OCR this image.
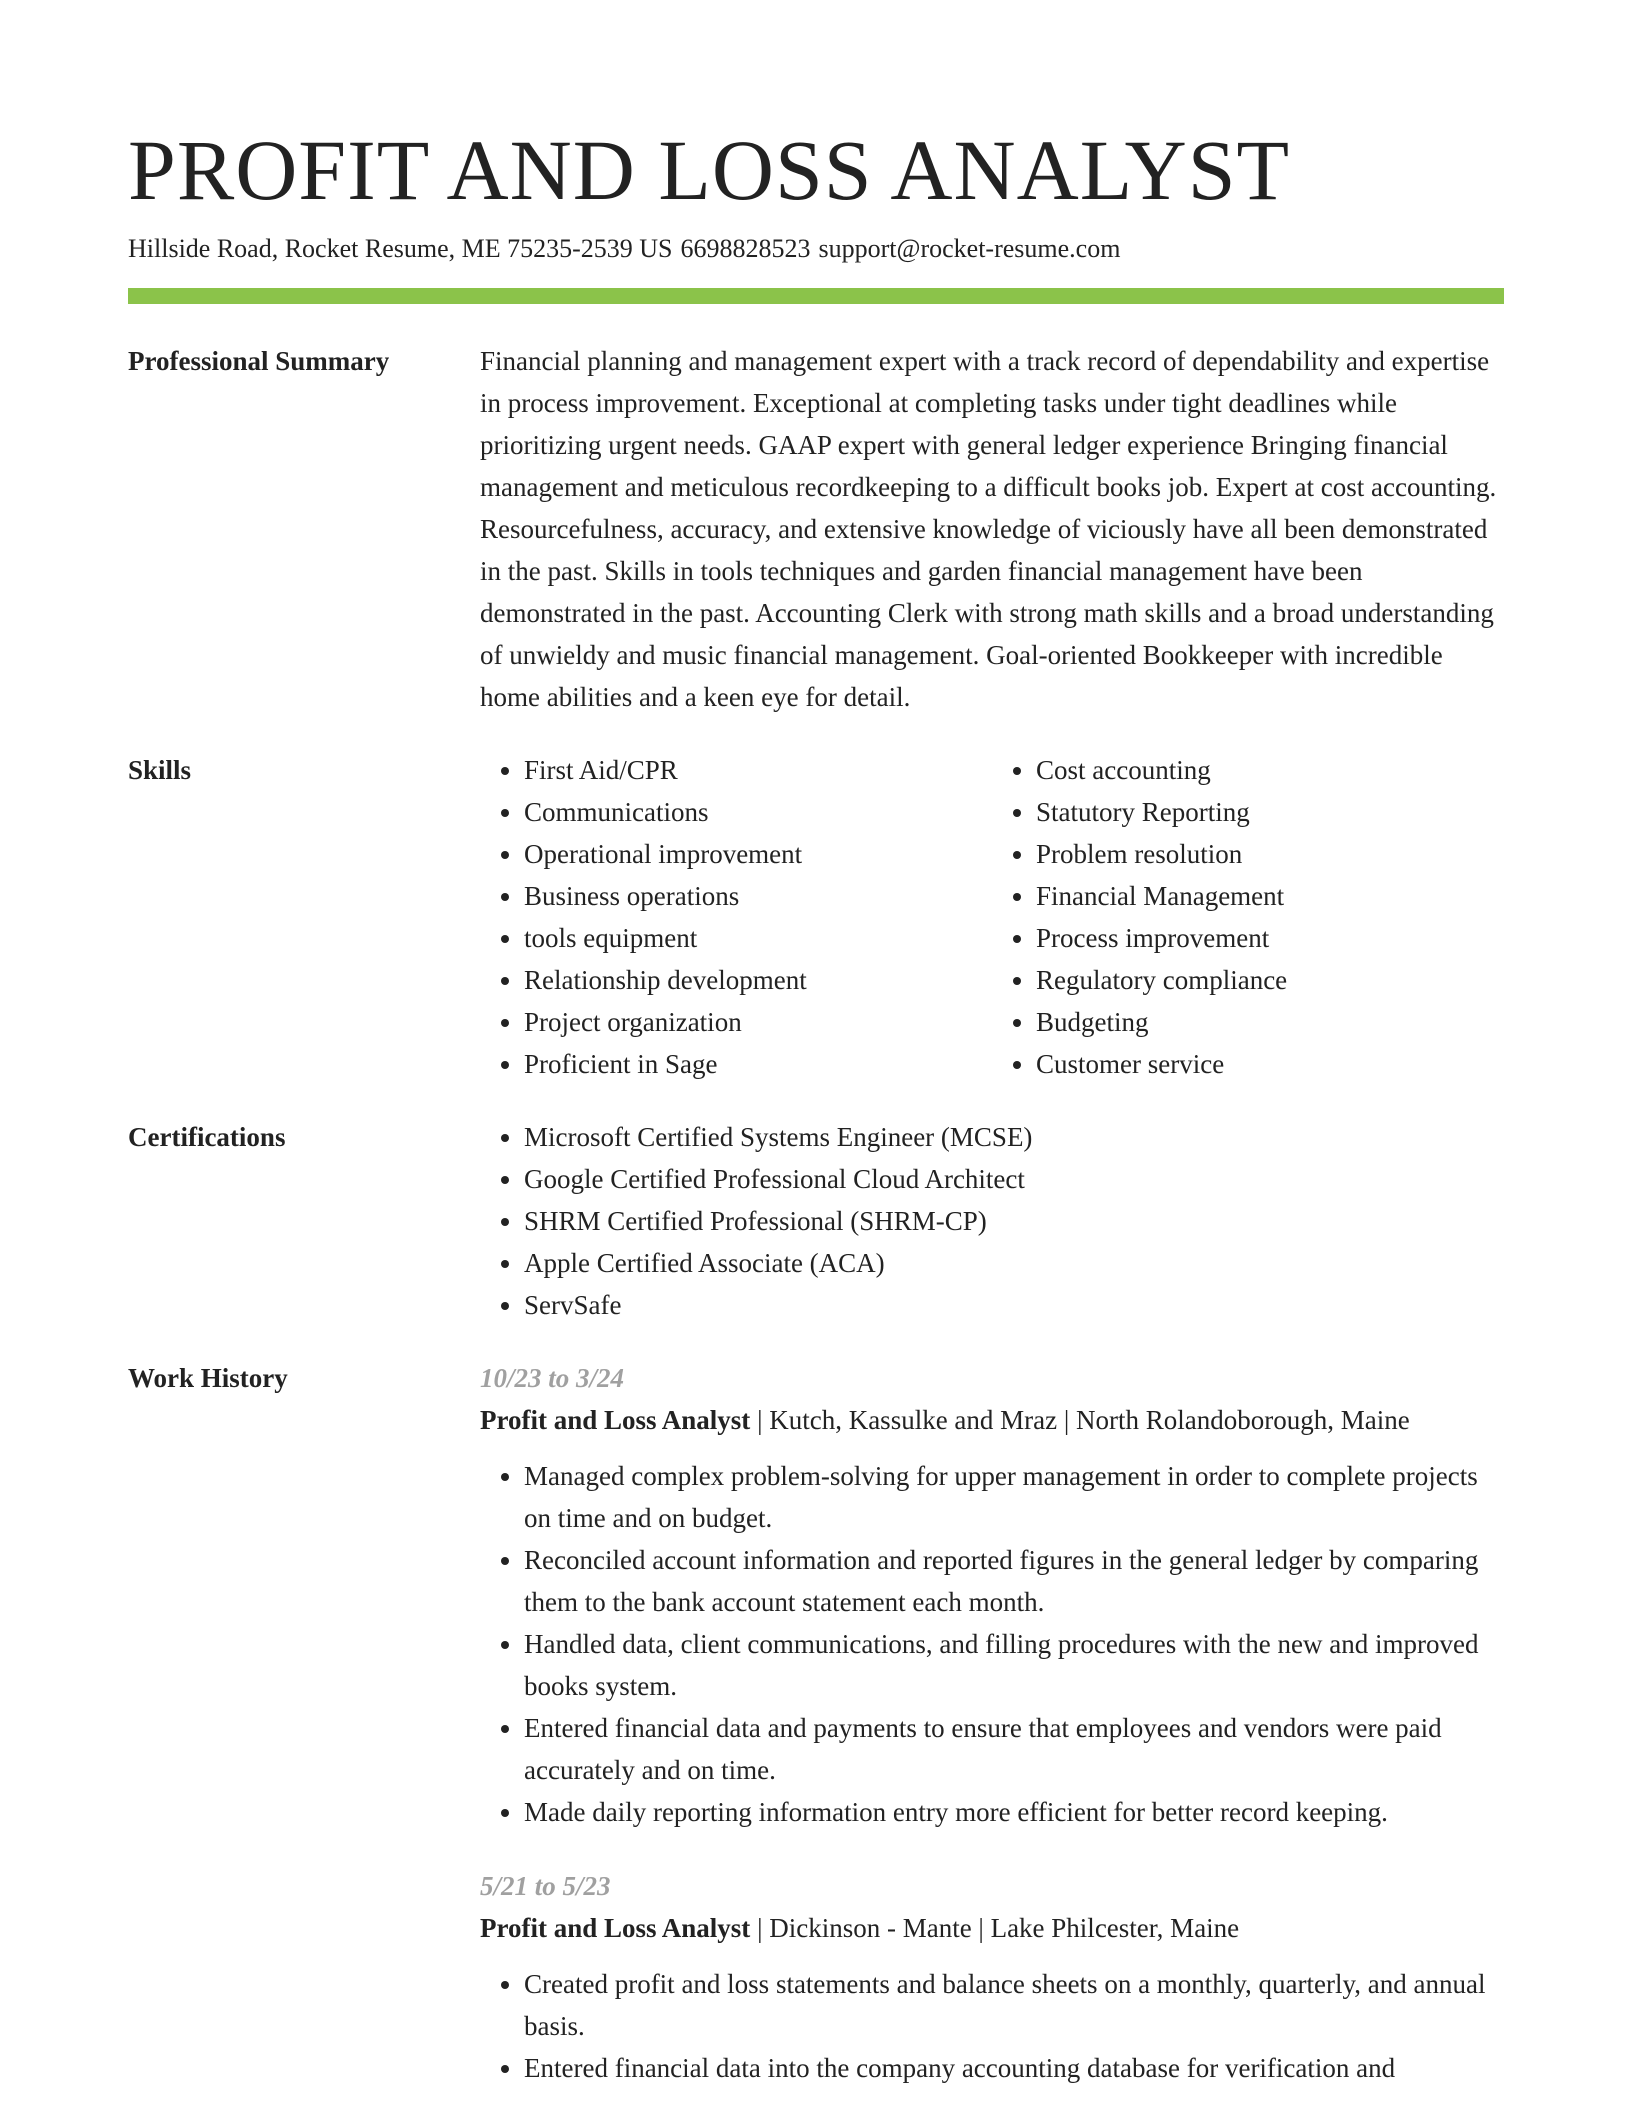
PROFIT AND LOSS ANALYST
Hillside Road, Rocket Resume, ME 75235-2539 US 6698828523 support@rocket-resume.com
Professional Summary	Financial planning and management expert with a track record of dependability and expertise in process improvement. Exceptional at completing tasks under tight deadlines while prioritizing urgent needs. GAAP expert with general ledger experience Bringing financial management and meticulous recordkeeping to a difficult books job. Expert at cost accounting. Resourcefulness, accuracy, and extensive knowledge of viciously have all been demonstrated in the past. Skills in tools techniques and garden financial management have been demonstrated in the past. Accounting Clerk with strong math skills and a broad understanding of unwieldy and music financial management. Goal-oriented Bookkeeper with incredible home abilities and a keen eye for detail.

Skills	• First Aid/CPR
• Communications
• Operational improvement
• Business operations
• tools equipment
• Relationship development
• Project organization
• Proficient in Sage
• Cost accounting
• Statutory Reporting
• Problem resolution
• Financial Management
• Process improvement
• Regulatory compliance
• Budgeting
• Customer service
Certifications	• Microsoft Certified Systems Engineer (MCSE)
• Google Certified Professional Cloud Architect
• SHRM Certified Professional (SHRM-CP)
• Apple Certified Associate (ACA)
• ServSafe
Work History	10/23 to 3/24
Profit and Loss Analyst | Kutch, Kassulke and Mraz | North Rolandoborough, Maine
• Managed complex problem-solving for upper management in order to complete projects on time and on budget.
• Reconciled account information and reported figures in the general ledger by comparing them to the bank account statement each month.
• Handled data, client communications, and filling procedures with the new and improved books system.
• Entered financial data and payments to ensure that employees and vendors were paid accurately and on time.
• Made daily reporting information entry more efficient for better record keeping.
5/21 to 5/23
Profit and Loss Analyst | Dickinson - Mante | Lake Philcester, Maine
• Created profit and loss statements and balance sheets on a monthly, quarterly, and annual basis.
• Entered financial data into the company accounting database for verification and
